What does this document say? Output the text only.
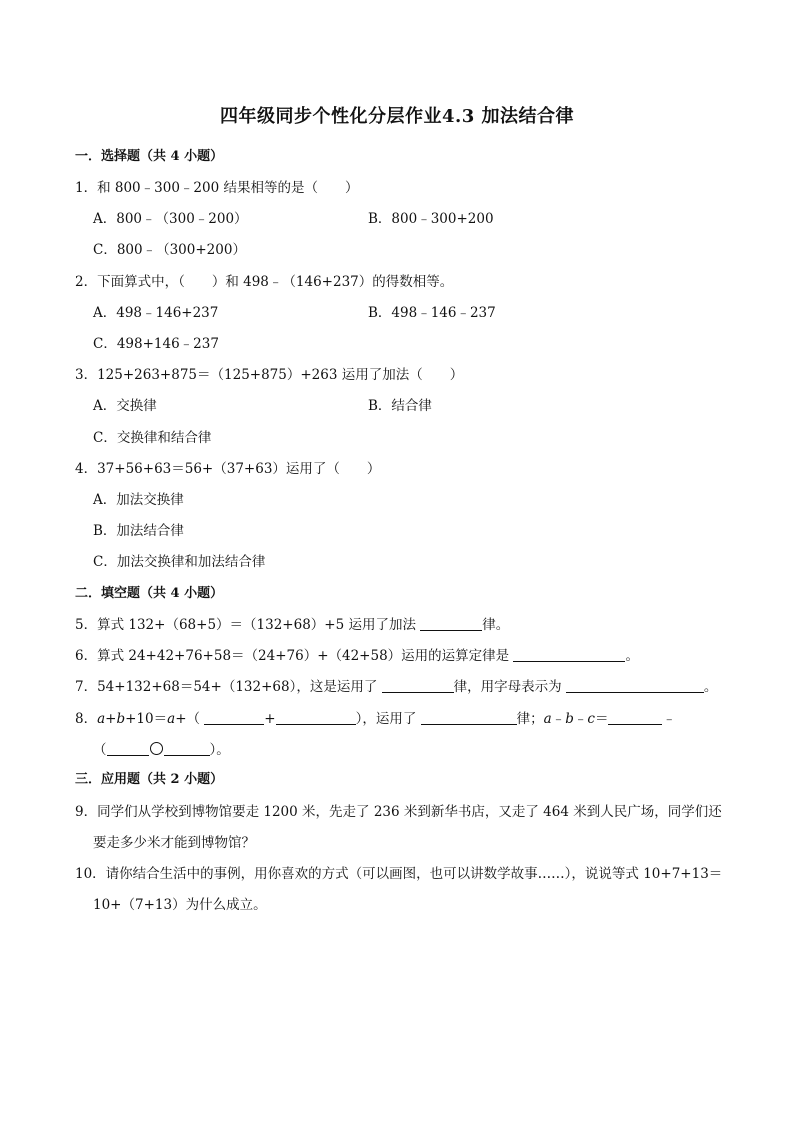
四年级同步个性化分层作业4.3 加法结合律
一．选择题（共 4 小题）
1．和 800﹣300﹣200 结果相等的是（　　）
A．800﹣（300﹣200）	B．800﹣300+200
C．800﹣（300+200）
2．下面算式中，（　　）和 498﹣（146+237）的得数相等。
A．498﹣146+237	B．498﹣146﹣237
C．498+146﹣237
3．125+263+875＝（125+875）+263 运用了加法（　　）
A．交换律	B．结合律
C．交换律和结合律
4．37+56+63＝56+（37+63）运用了（　　）
A．加法交换律
B．加法结合律
C．加法交换律和加法结合律
二．填空题（共 4 小题）
5．算式 132+（68+5）＝（132+68）+5 运用了加法	律。
6．算式 24+42+76+58＝（24+76）+（42+58）运用的运算定律是	。
7．54+132+68＝54+（132+68），这是运用了	律，用字母表示为	。
8．a+b+10＝a+（	+	），运用了	律；a﹣b﹣c＝	﹣
（	）。
三．应用题（共 2 小题）
9．同学们从学校到博物馆要走 1200 米，先走了 236 米到新华书店，又走了 464 米到人民广场，同学们还
要走多少米才能到博物馆？
10．请你结合生活中的事例，用你喜欢的方式（可以画图，也可以讲数学故事……），说说等式 10+7+13＝
10+（7+13）为什么成立。
